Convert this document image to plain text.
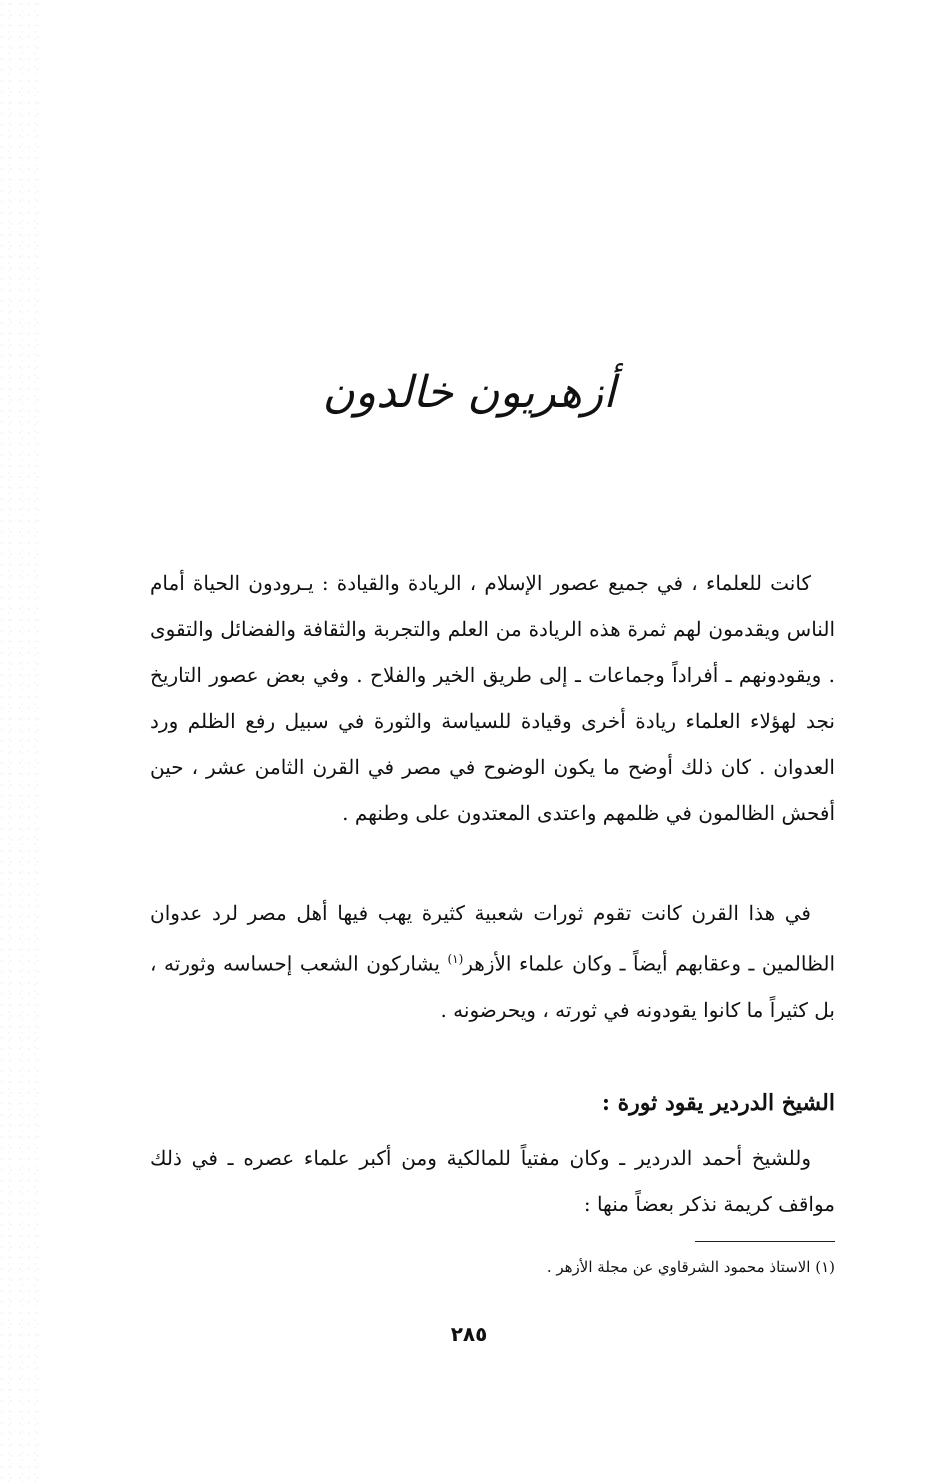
أزهريون خالدون

كانت للعلماء ، في جميع عصور الإسلام ، الريادة والقيادة : يـرودون الحياة أمام الناس ويقدمون لهم ثمرة هذه الريادة من العلم والتجربة والثقافة والفضائل والتقوى . ويقودونهم ـ أفراداً وجماعات ـ إلى طريق الخير والفلاح . وفي بعض عصور التاريخ نجد لهؤلاء العلماء ريادة أخرى وقيادة للسياسة والثورة في سبيل رفع الظلم ورد العدوان . كان ذلك أوضح ما يكون الوضوح في مصر في القرن الثامن عشر ، حين أفحش الظالمون في ظلمهم واعتدى المعتدون على وطنهم .

في هذا القرن كانت تقوم ثورات شعبية كثيرة يهب فيها أهل مصر لرد عدوان الظالمين ـ وعقابهم أيضاً ـ وكان علماء الأزهر$^{(١)}$ يشاركون الشعب إحساسه وثورته ، بل كثيراً ما كانوا يقودونه في ثورته ، ويحرضونه .

الشيخ الدردير يقود ثورة :

وللشيخ أحمد الدردير ـ وكان مفتياً للمالكية ومن أكبر علماء عصره ـ في ذلك مواقف كريمة نذكر بعضاً منها :

(١) الاستاذ محمود الشرقاوي عن مجلة الأزهر .
٢٨٥
